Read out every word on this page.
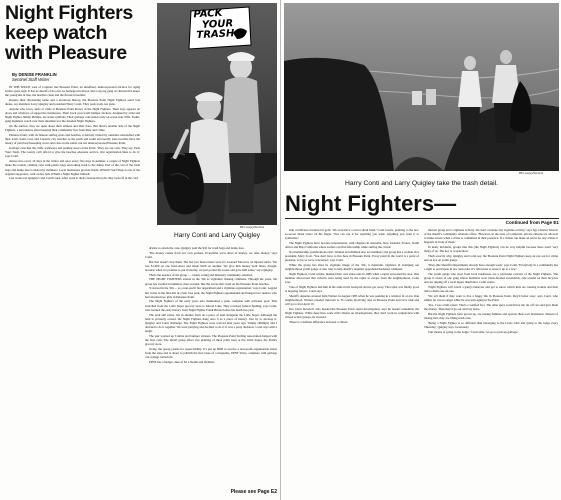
Night Fighters
keep watch
with Pleasure
By DENISE FRANKLIN
Sentinel Staff Writer
PACK
YOUR
TRASH
Bill Lovejoy/Sentinel
Harry Conti and Larry Quigley

IN THE WILDS west of Capitola lies Pleasure Point, an unrefined, unincorporated enclave for aging surfers gone legit. It has no sheriff of its own, no homegrown mayor and a rag-tag gang of citizens that keeps the young'uns in line, the beaches clean and the flowers bloomin'.

Despite their threatening name and a notorious history, the Pleasure Point Night Fighters aren't bad dudes, say members Larry Quigley and president Harry Conti. They pack trash, not guns.

Anyone who loves, surfs or visits at Pleasure Point knows of the Night Fighters. Their logo appears on doors and windows of supportive businesses. Their 'pack your trash' bumper stickers, designed by artist and Night Fighter Jimmy Phillips, are status symbols. Their garbage cans stand ready on ocean side cliffs. Youth-gang members watch over their shoulders for the dreaded Night Fighters.

On the surface, they are quiet about their tallness and their fears. But there's another side of the Night Fighters, a seriousness about keeping their community free from litter and crime.

Pleasure Point, with its famous surfing spots and beaches, is heavily visited by outsiders unsatisfied with their trash. Santa Cruz and Capitola city beaches to the north and south and nearby state beaches have the luxury of paid beach-keeping crews and cans on the sands, but not unincorporated Pleasure Point.

Garbage cans line the cliffs, walkways and parking areas on the Point. 'They are our cans. They say, Pack Your Trash. The county can't afford to give the beaches adequate service. Our organization likes to do it,' says Conti.

About once every 10 days in the winter and once every five days in summer, a couple of Night Fighters make the rounds, relining cans with plastic bags and taking trash to the dump. Part of the cost of the trash bags and dump fees is shared by members. Local businesses provide funds; O'Neill's Surf Shop is one of the original supporters, with owner Jack O'Neill a Night Fighter himself.

Last week was Quigley's and Conti's turn. After work at their construction jobs, they took off in the cold

drizzle to attack the cans. Quigley paid the $32 for trash bags and dump fees.

'The money comes from our own pockets. Everytime we're short of money, we raise money,' says Conti.

But that doesn't stop them. The last two fund-raisers were for Leonard Moorcut, an injured surfer. 'We lost $1,000 on one fund-raiser and made $100 on another. We give him money both times, though, because when we promise to put in money, we just pocket the losses and gave him some,' says Quigley.

That's the essence of the group — casual, caring and intensely community-oriented.

THE NIGHT FIGHTERS started in the '20s as vigilantes chasing criminals. Through the years, the group has swelled in numbers, then receded, like the waves that crash on the Pleasure Point beaches.

'It started in the '20s ... as a non-profit fire department and a vigilante organization,' says Conti. Legend has it that in the mid-20s in a San Jose park, the Night Fighters apprehended and hanged two rustlers who had attacked two girls in Pleasure Point.

The Night Fighters of the early years also maintained a park, complete with saltwater pool. This stretched from the Little Super grocery store to Moran Lake. They received federal funding, says Conti, who learned the early history from Night Fighter Frank Bisale before his death last year.

The park still exists, but in smaller form on a piece of land alongside the Little Super. Although the land is privately owned, the Night Fighters hang onto it as a piece of history. Just try to develop it, Quigley and Conti challenge. The Night Fighters were revived nine years ago. 'Jimmy (Phillips) and I decided to do it together. We were partying and decided to do it. It was a party decision,' Conti says with a laugh.

The pair worked up T-shirts and bumper stickers. The Pleasure Point Surfing Association helped with the first cans. The initial group effort was planting of three palm trees at the Little Super, the Point's grocery store.

Today, the group yearns for respectability. It's put up $600 to receive a non-profit organization status from the state and is about to publish the first issue of a magazine, PPNF Voice, complete with garbage can collage centerfold.

PPNF has a budget, dues of $2 a month and member-

Please see Page E2
Bill Lovejoy/Sentinel
Harry Conti and Larry Quigley take the trash detail.
Night Fighters—
Continued from Page E1

ship certificates bordered in gold. 'We even have a secret shark hand,' Conti boasts, pointing to the not-so-secret shark tattoo on his finger. 'You can use it for anything you want. Anything you want it to symbolize.'

The Night Fighters have become international, with chapters in Australia, New Zealand, France, South Africa and Baja California where surfers can find fellowship while surfing the circuit.

No membership qualifications exist. Women and children also are members; the group has a woman vice president, Mary Scott. 'You don't have to live here in Pleasure Point. Every point in the world is a point of pleasure, as far as we're concerned,' says Conti.

While the group has shed its vigilante image of the '20s, it maintains vigilance in stomping out neighborhood youth gangs. It also tries to help sheriff's deputies apprehend hardened criminals.

Night Fighters, Conti relates, manned their own stake-outs in 1985 when a rapist terrorized the area. One member discovered that culverts were being used by the rapist to escape from the neighborhood, Conti says.

'One of Night Fighters had him in his arms in his backyard and he got away. The rapist was finally good at hopping fences,' Conti says.

Sheriff's deputies arrested Kim Walters in August 1985 when he was peeking in a window in a Live Oak neighborhood. Walters pleaded innocent to 35 counts involving rape in Pleasure Point and Live Oak and will go to trial April 10.

Det. Dave Deverell, who headed the Pleasure Point rapist investigation, says he doesn't remember the Night Fighters. While detectives work with citizens on investigations, they don't work in conjunction with citizen action groups, he stressed.

'There is a definite difference between a citizen

interest group and a vigilante activity. We don't condone any vigilante activity,' says Sgt. Charles Weaver of the sheriff's community relations office. 'However, in the state of California, private citizens are allowed to make arrests when a crime is committed in their presence. If a citizen can make an arrest for any crimes it happens in front of them.'

In many incidents, groups like this (the Night Fighters) can be very helpful because there aren't very many of us. The key is cooperation.'

That's exactly why, Quigley and Conti say, the Pleasure Point Night Fighters keep an eye out for crime and an eye on youth gangs.

'They (the Sheriff's Department) already have enough work,' says Conti. 'Everybody in a community has a right to participate in law and order. It's ridiculous to leave it up to a few.'

The youth gangs who steal from local businesses are a particular concern of the Night Fighters. The group is aware of one gang whose members wear black-hooded sweatshirts, ride around on their bicycles and are ripping off a local liquor distributor, Conti warns.

'Night Fighters will watch a gang's behavior and get to know which kids are causing trouble and then talk to them one-on-one.

'We tell them if they want to live a happy life in Pleasure Point, they'd better stop,' says Conti, who admits he was no angel while he was teen-aging in the Point.

'Yes, I was a hell-raiser.' That's a verified fact. The other guys would have me rip off cars and give them the money. Then they'd go out and buy beers.

But the Night Fighters have grown up, are raising families and operate their own businesses. Instead of raising hell, they are lifting trash cans.

'Being a Night Fighter is so different than belonging to the Lions Club and going to the lodge every Thursday,' Quigley says, facetiously.

'Our means of going to the lodge,' Conti adds, 'we go to pick up garbage.'
